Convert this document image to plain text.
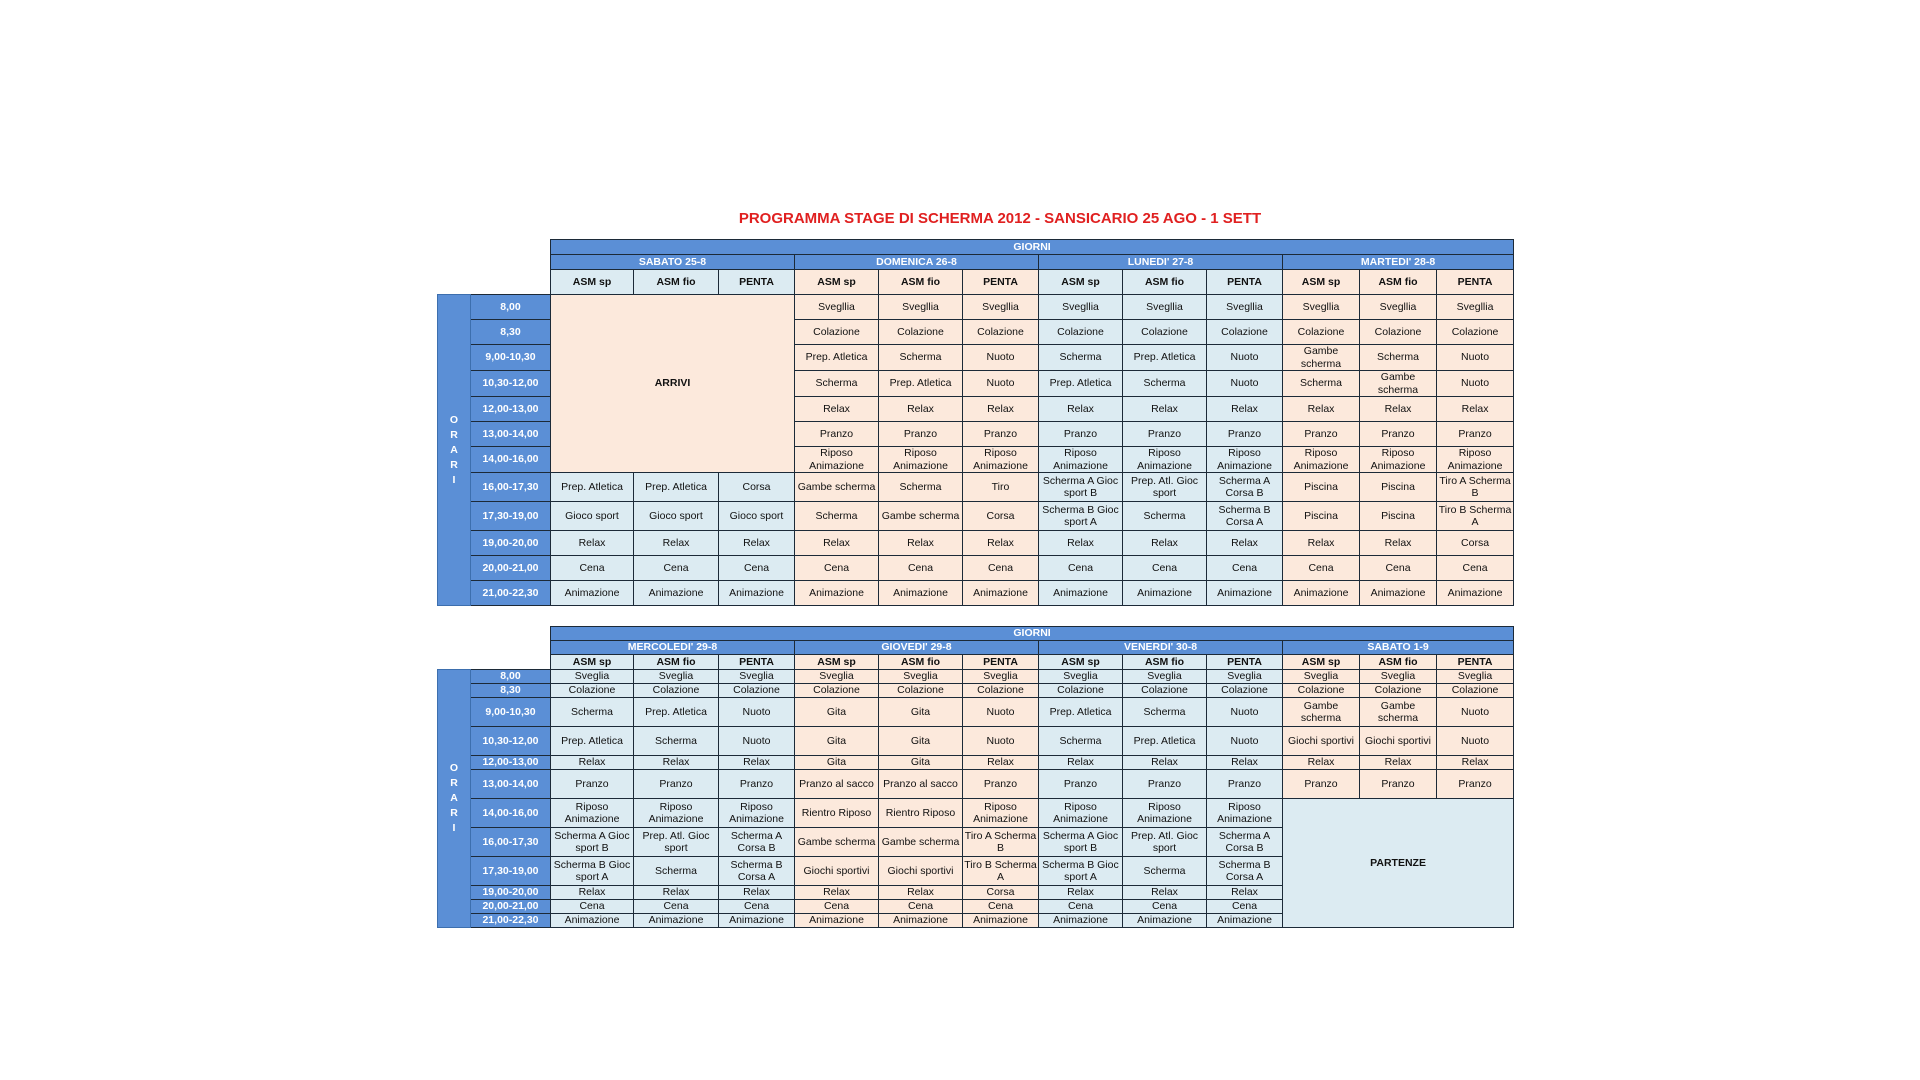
PROGRAMMA STAGE DI SCHERMA 2012 - SANSICARIO 25 AGO - 1 SETT
		GIORNI											
		SABATO 25-8			DOMENICA 26-8			LUNEDI' 27-8			MARTEDI' 28-8		
		ASM sp	ASM fio	PENTA	ASM sp	ASM fio	PENTA	ASM sp	ASM fio	PENTA	ASM sp	ASM fio	PENTA

O
R
A
R
I	8,00	ARRIVI			Svegllia	Svegllia	Svegllia	Svegllia	Svegllia	Svegllia	Svegllia	Svegllia	Svegllia
	8,30				Colazione	Colazione	Colazione	Colazione	Colazione	Colazione	Colazione	Colazione	Colazione
	9,00-10,30				Prep. Atletica	Scherma	Nuoto	Scherma	Prep. Atletica	Nuoto	Gambe scherma	Scherma	Nuoto
	10,30-12,00				Scherma	Prep. Atletica	Nuoto	Prep. Atletica	Scherma	Nuoto	Scherma	Gambe scherma	Nuoto
	12,00-13,00				Relax	Relax	Relax	Relax	Relax	Relax	Relax	Relax	Relax
	13,00-14,00				Pranzo	Pranzo	Pranzo	Pranzo	Pranzo	Pranzo	Pranzo	Pranzo	Pranzo
	14,00-16,00				Riposo Animazione	Riposo Animazione	Riposo Animazione	Riposo Animazione	Riposo Animazione	Riposo Animazione	Riposo Animazione	Riposo Animazione	Riposo Animazione
	16,00-17,30	Prep. Atletica	Prep. Atletica	Corsa	Gambe scherma	Scherma	Tiro	Scherma A Gioc sport B	Prep. Atl. Gioc sport	Scherma A Corsa B	Piscina	Piscina	Tiro A Scherma B
	17,30-19,00	Gioco sport	Gioco sport	Gioco sport	Scherma	Gambe scherma	Corsa	Scherma B Gioc sport A	Scherma	Scherma B Corsa A	Piscina	Piscina	Tiro B Scherma A
	19,00-20,00	Relax	Relax	Relax	Relax	Relax	Relax	Relax	Relax	Relax	Relax	Relax	Corsa
	20,00-21,00	Cena	Cena	Cena	Cena	Cena	Cena	Cena	Cena	Cena	Cena	Cena	Cena
	21,00-22,30	Animazione	Animazione	Animazione	Animazione	Animazione	Animazione	Animazione	Animazione	Animazione	Animazione	Animazione	Animazione
		GIORNI											
		MERCOLEDI' 29-8			GIOVEDI' 29-8			VENERDI' 30-8			SABATO 1-9		
		ASM sp	ASM fio	PENTA	ASM sp	ASM fio	PENTA	ASM sp	ASM fio	PENTA	ASM sp	ASM fio	PENTA

O
R
A
R
I	8,00	Sveglia	Sveglia	Sveglia	Sveglia	Sveglia	Sveglia	Sveglia	Sveglia	Sveglia	Sveglia	Sveglia	Sveglia
	8,30	Colazione	Colazione	Colazione	Colazione	Colazione	Colazione	Colazione	Colazione	Colazione	Colazione	Colazione	Colazione
	9,00-10,30	Scherma	Prep. Atletica	Nuoto	Gita	Gita	Nuoto	Prep. Atletica	Scherma	Nuoto	Gambe scherma	Gambe scherma	Nuoto
	10,30-12,00	Prep. Atletica	Scherma	Nuoto	Gita	Gita	Nuoto	Scherma	Prep. Atletica	Nuoto	Giochi sportivi	Giochi sportivi	Nuoto
	12,00-13,00	Relax	Relax	Relax	Gita	Gita	Relax	Relax	Relax	Relax	Relax	Relax	Relax
	13,00-14,00	Pranzo	Pranzo	Pranzo	Pranzo al sacco	Pranzo al sacco	Pranzo	Pranzo	Pranzo	Pranzo	Pranzo	Pranzo	Pranzo
	14,00-16,00	Riposo Animazione	Riposo Animazione	Riposo Animazione	Rientro Riposo	Rientro Riposo	Riposo Animazione	Riposo Animazione	Riposo Animazione	Riposo Animazione	PARTENZE		
	16,00-17,30	Scherma A Gioc sport B	Prep. Atl. Gioc sport	Scherma A Corsa B	Gambe scherma	Gambe scherma	Tiro A Scherma B	Scherma A Gioc sport B	Prep. Atl. Gioc sport	Scherma A Corsa B			
	17,30-19,00	Scherma B Gioc sport A	Scherma	Scherma B Corsa A	Giochi sportivi	Giochi sportivi	Tiro B Scherma A	Scherma B Gioc sport A	Scherma	Scherma B Corsa A			
	19,00-20,00	Relax	Relax	Relax	Relax	Relax	Corsa	Relax	Relax	Relax			
	20,00-21,00	Cena	Cena	Cena	Cena	Cena	Cena	Cena	Cena	Cena			
	21,00-22,30	Animazione	Animazione	Animazione	Animazione	Animazione	Animazione	Animazione	Animazione	Animazione			
